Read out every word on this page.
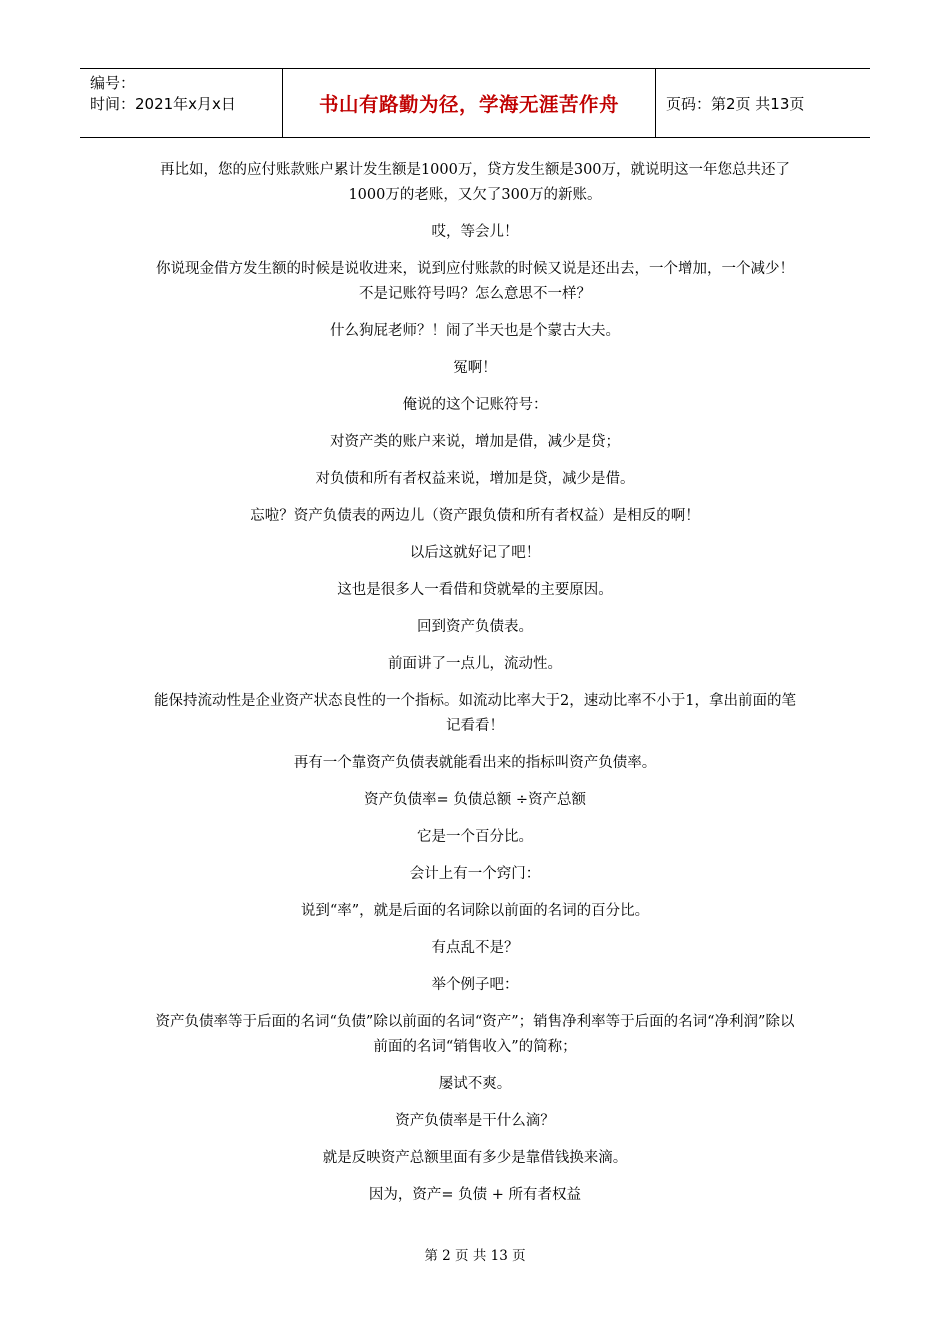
编号：
时间：2021年x月x日	书山有路勤为径，学海无涯苦作舟	页码：第2页 共13页

再比如，您的应付账款账户累计发生额是1000万，贷方发生额是300万，就说明这一年您总共还了1000万的老账，又欠了300万的新账。

哎，等会儿！

你说现金借方发生额的时候是说收进来，说到应付账款的时候又说是还出去，一个增加，一个减少！不是记账符号吗？怎么意思不一样？

什么狗屁老师？！闹了半天也是个蒙古大夫。

冤啊！

俺说的这个记账符号：

对资产类的账户来说，增加是借，减少是贷；

对负债和所有者权益来说，增加是贷，减少是借。

忘啦？资产负债表的两边儿（资产跟负债和所有者权益）是相反的啊！

以后这就好记了吧！

这也是很多人一看借和贷就晕的主要原因。

回到资产负债表。

前面讲了一点儿，流动性。

能保持流动性是企业资产状态良性的一个指标。如流动比率大于2，速动比率不小于1，拿出前面的笔记看看！

再有一个靠资产负债表就能看出来的指标叫资产负债率。

资产负债率= 负债总额 ÷资产总额

它是一个百分比。

会计上有一个窍门：

说到“率”，就是后面的名词除以前面的名词的百分比。

有点乱不是？

举个例子吧：

资产负债率等于后面的名词“负债”除以前面的名词“资产”；销售净利率等于后面的名词“净利润”除以前面的名词“销售收入”的简称；

屡试不爽。

资产负债率是干什么滴？

就是反映资产总额里面有多少是靠借钱换来滴。

因为，资产= 负债 + 所有者权益

第 2 页 共 13 页
